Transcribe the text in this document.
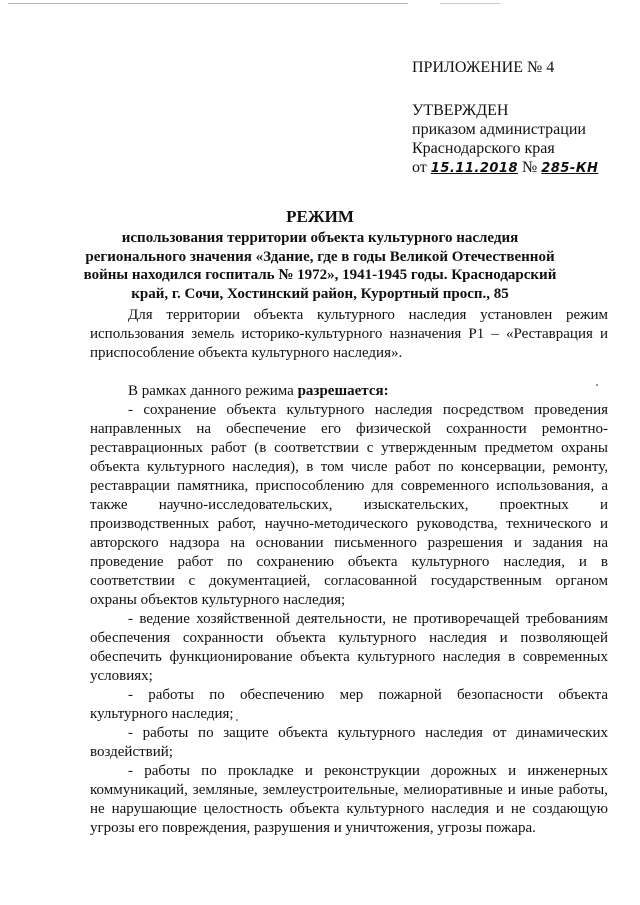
ПРИЛОЖЕНИЕ № 4

УТВЕРЖДЕН

приказом администрации

Краснодарского края

от 15.11.2018 № 285-КН

РЕЖИМ
использования территории объекта культурного наследия регионального значения «Здание, где в годы Великой Отечественной войны находился госпиталь № 1972», 1941-1945 годы. Краснодарский край, г. Сочи, Хостинский район, Курортный просп., 85

Для территории объекта культурного наследия установлен режим использования земель историко-культурного назначения Р1 – «Реставрация и приспособление объекта культурного наследия».

В рамках данного режима разрешается:

- сохранение объекта культурного наследия посредством проведения направленных на обеспечение его физической сохранности ремонтно-реставрационных работ (в соответствии с утвержденным предметом охраны объекта культурного наследия), в том числе работ по консервации, ремонту, реставрации памятника, приспособлению для современного использования, а также научно-исследовательских, изыскательских, проектных и производственных работ, научно-методического руководства, технического и авторского надзора на основании письменного разрешения и задания на проведение работ по сохранению объекта культурного наследия, и в соответствии с документацией, согласованной государственным органом охраны объектов культурного наследия;

- ведение хозяйственной деятельности, не противоречащей требованиям обеспечения сохранности объекта культурного наследия и позволяющей обеспечить функционирование объекта культурного наследия в современных условиях;

- работы по обеспечению мер пожарной безопасности объекта культурного наследия;

- работы по защите объекта культурного наследия от динамических воздействий;

- работы по прокладке и реконструкции дорожных и инженерных коммуникаций, земляные, землеустроительные, мелиоративные и иные работы, не нарушающие целостность объекта культурного наследия и не создающую угрозы его повреждения, разрушения и уничтожения, угрозы пожара.
